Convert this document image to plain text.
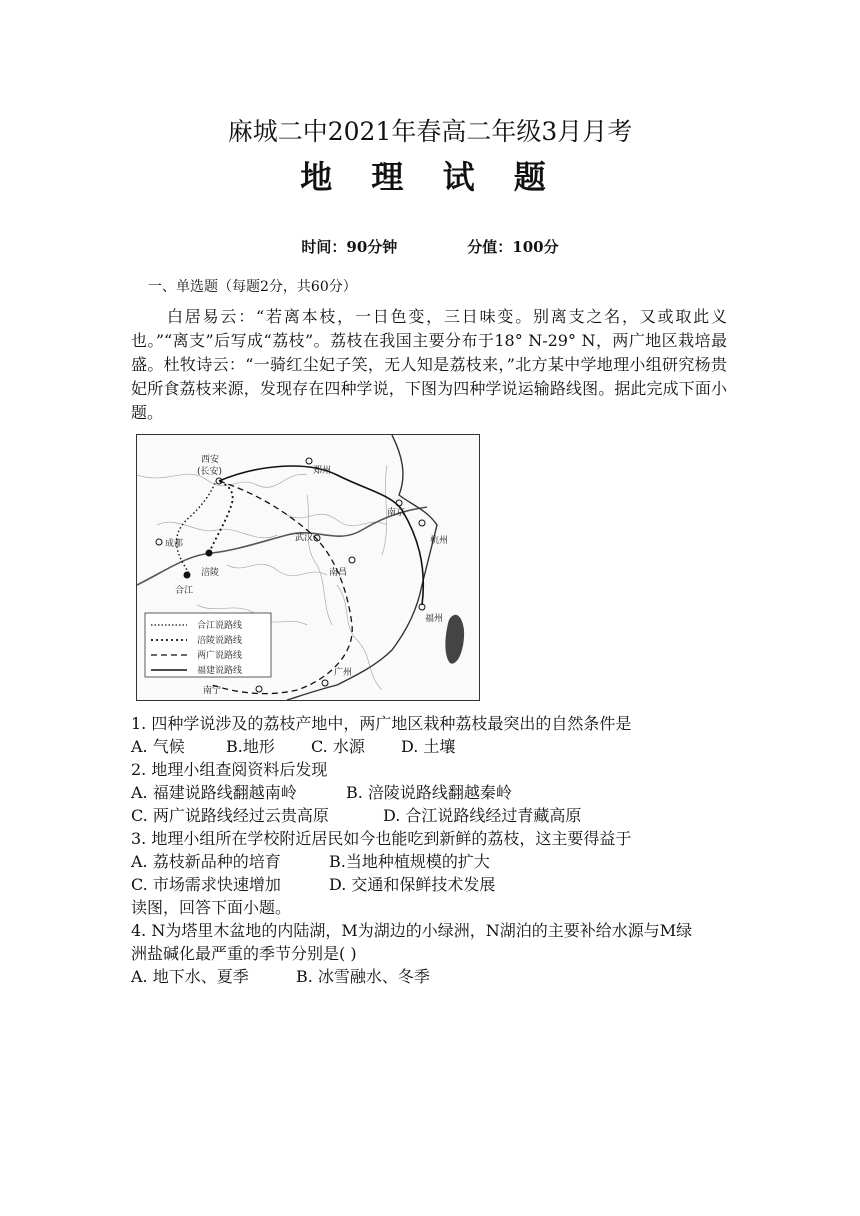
麻城二中2021年春高二年级3月月考
地 理 试 题
时间：90分钟	分值：100分
一、单选题（每题2分，共60分）
白居易云：“若离本枝，一日色变，三日味变。别离支之名，又或取此义也。”“离支”后写成“荔枝”。荔枝在我国主要分布于18° N-29° N，两广地区栽培最盛。杜牧诗云：“一骑红尘妃子笑，无人知是荔枝来，”北方某中学地理小组研究杨贵妃所食荔枝来源，发现存在四种学说，下图为四种学说运输路线图。据此完成下面小题。
西安
(长安)	郑州
南京
杭州
成都
涪陵
合江
武汉
南昌
福州
广州
南宁
合江说路线
涪陵说路线
两广说路线
福建说路线
1. 四种学说涉及的荔枝产地中，两广地区栽种荔枝最突出的自然条件是
A. 气候	B.地形 C. 水源 D. 土壤
2. 地理小组查阅资料后发现
A. 福建说路线翻越南岭	B. 涪陵说路线翻越秦岭
C. 两广说路线经过云贵高原	D. 合江说路线经过青藏高原
3. 地理小组所在学校附近居民如今也能吃到新鲜的荔枝，这主要得益于
A. 荔枝新品种的培育	B.当地种植规模的扩大
C. 市场需求快速增加	D. 交通和保鲜技术发展
读图，回答下面小题。
4. N为塔里木盆地的内陆湖，M为湖边的小绿洲，N湖泊的主要补给水源与M绿
洲盐碱化最严重的季节分别是( )
A. 地下水、夏季	B. 冰雪融水、冬季
